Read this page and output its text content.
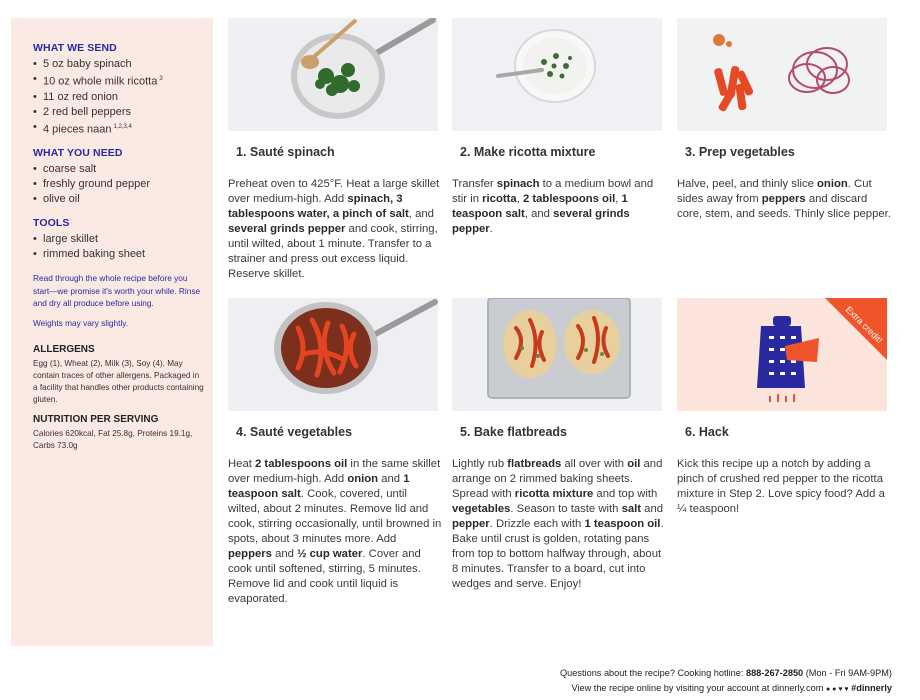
WHAT WE SEND
• 5 oz baby spinach
• 10 oz whole milk ricotta $^3$
• 11 oz red onion
• 2 red bell peppers
• 4 pieces naan $^{1,2,3,4}$
WHAT YOU NEED
• coarse salt
• freshly ground pepper
• olive oil
TOOLS
• large skillet
• rimmed baking sheet
Read through the whole recipe before you start—we promise it's worth your while. Rinse and dry all produce before using.
Weights may vary slightly.
ALLERGENS
Egg (1), Wheat (2), Milk (3), Soy (4). May contain traces of other allergens. Packaged in a facility that handles other products containing gluten.
NUTRITION PER SERVING
Calories 620kcal, Fat 25.8g, Proteins 19.1g, Carbs 73.0g
1. Sauté spinach
Preheat oven to 425°F. Heat a large skillet over medium-high. Add spinach, 3 tablespoons water, a pinch of salt, and several grinds pepper and cook, stirring, until wilted, about 1 minute. Transfer to a strainer and press out excess liquid. Reserve skillet.
2. Make ricotta mixture
Transfer spinach to a medium bowl and stir in ricotta, 2 tablespoons oil, 1 teaspoon salt, and several grinds pepper.
3. Prep vegetables
Halve, peel, and thinly slice onion. Cut sides away from peppers and discard core, stem, and seeds. Thinly slice pepper.
4. Sauté vegetables
Heat 2 tablespoons oil in the same skillet over medium-high. Add onion and 1 teaspoon salt. Cook, covered, until wilted, about 2 minutes. Remove lid and cook, stirring occasionally, until browned in spots, about 3 minutes more. Add peppers and ½ cup water. Cover and cook until softened, stirring, 5 minutes. Remove lid and cook until liquid is evaporated.
5. Bake flatbreads
Lightly rub flatbreads all over with oil and arrange on 2 rimmed baking sheets. Spread with ricotta mixture and top with vegetables. Season to taste with salt and pepper. Drizzle each with 1 teaspoon oil. Bake until crust is golden, rotating pans from top to bottom halfway through, about 8 minutes. Transfer to a board, cut into wedges and serve. Enjoy!
Extra credit!
6. Hack
Kick this recipe up a notch by adding a pinch of crushed red pepper to the ricotta mixture in Step 2. Love spicy food? Add a ¼ teaspoon!
Questions about the recipe? Cooking hotline: 888-267-2850 (Mon - Fri 9AM-9PM)
View the recipe online by visiting your account at dinnerly.com ● ● ♥ ♥ #dinnerly
